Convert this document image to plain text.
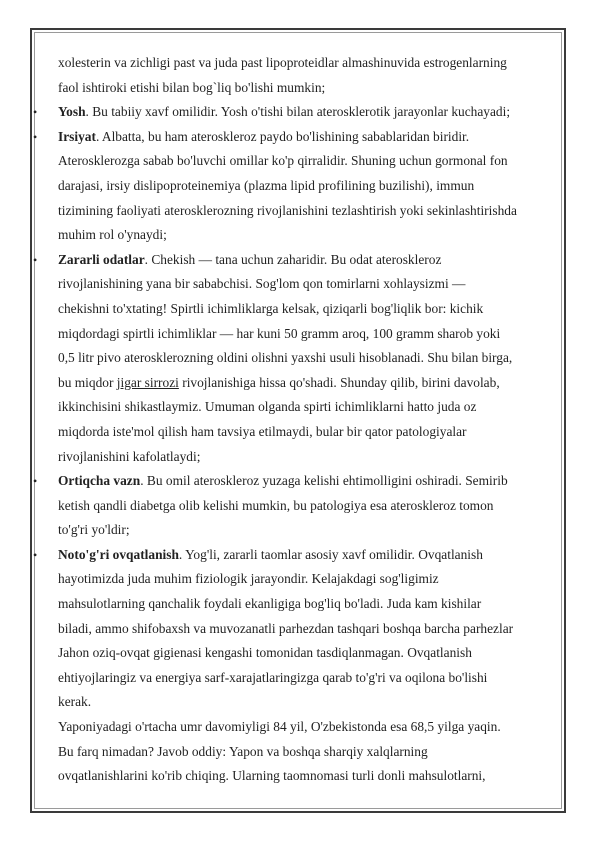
xolesterin va zichligi past va juda past lipoproteidlar almashinuvida estrogenlarning

faol ishtiroki etishi bilan bog`liq bo'lishi mumkin;

• Yosh. Bu tabiiy xavf omilidir. Yosh o'tishi bilan aterosklerotik jarayonlar kuchayadi;

• Irsiyat. Albatta, bu ham ateroskleroz paydo bo'lishining sabablaridan biridir.

Aterosklerozga sabab bo'luvchi omillar ko'p qirralidir. Shuning uchun gormonal fon

darajasi, irsiy dislipoproteinemiya (plazma lipid profilining buzilishi), immun

tizimining faoliyati aterosklerozning rivojlanishini tezlashtirish yoki sekinlashtirishda

muhim rol o'ynaydi;

• Zararli odatlar. Chekish — tana uchun zaharidir. Bu odat ateroskleroz

rivojlanishining yana bir sababchisi. Sog'lom qon tomirlarni xohlaysizmi —

chekishni to'xtating! Spirtli ichimliklarga kelsak, qiziqarli bog'liqlik bor: kichik

miqdordagi spirtli ichimliklar — har kuni 50 gramm aroq, 100 gramm sharob yoki

0,5 litr pivo aterosklerozning oldini olishni yaxshi usuli hisoblanadi. Shu bilan birga,

bu miqdor jigar sirrozi rivojlanishiga hissa qo'shadi. Shunday qilib, birini davolab,

ikkinchisini shikastlaymiz. Umuman olganda spirti ichimliklarni hatto juda oz

miqdorda iste'mol qilish ham tavsiya etilmaydi, bular bir qator patologiyalar

rivojlanishini kafolatlaydi;

• Ortiqcha vazn. Bu omil ateroskleroz yuzaga kelishi ehtimolligini oshiradi. Semirib

ketish qandli diabetga olib kelishi mumkin, bu patologiya esa ateroskleroz tomon

to'g'ri yo'ldir;

• Noto'g'ri ovqatlanish. Yog'li, zararli taomlar asosiy xavf omilidir. Ovqatlanish

hayotimizda juda muhim fiziologik jarayondir. Kelajakdagi sog'ligimiz

mahsulotlarning qanchalik foydali ekanligiga bog'liq bo'ladi. Juda kam kishilar

biladi, ammo shifobaxsh va muvozanatli parhezdan tashqari boshqa barcha parhezlar

Jahon oziq-ovqat gigienasi kengashi tomonidan tasdiqlanmagan. Ovqatlanish

ehtiyojlaringiz va energiya sarf-xarajatlaringizga qarab to'g'ri va oqilona bo'lishi

kerak.

Yaponiyadagi o'rtacha umr davomiyligi 84 yil, O'zbekistonda esa 68,5 yilga yaqin.

Bu farq nimadan? Javob oddiy: Yapon va boshqa sharqiy xalqlarning

ovqatlanishlarini ko'rib chiqing. Ularning taomnomasi turli donli mahsulotlarni,
